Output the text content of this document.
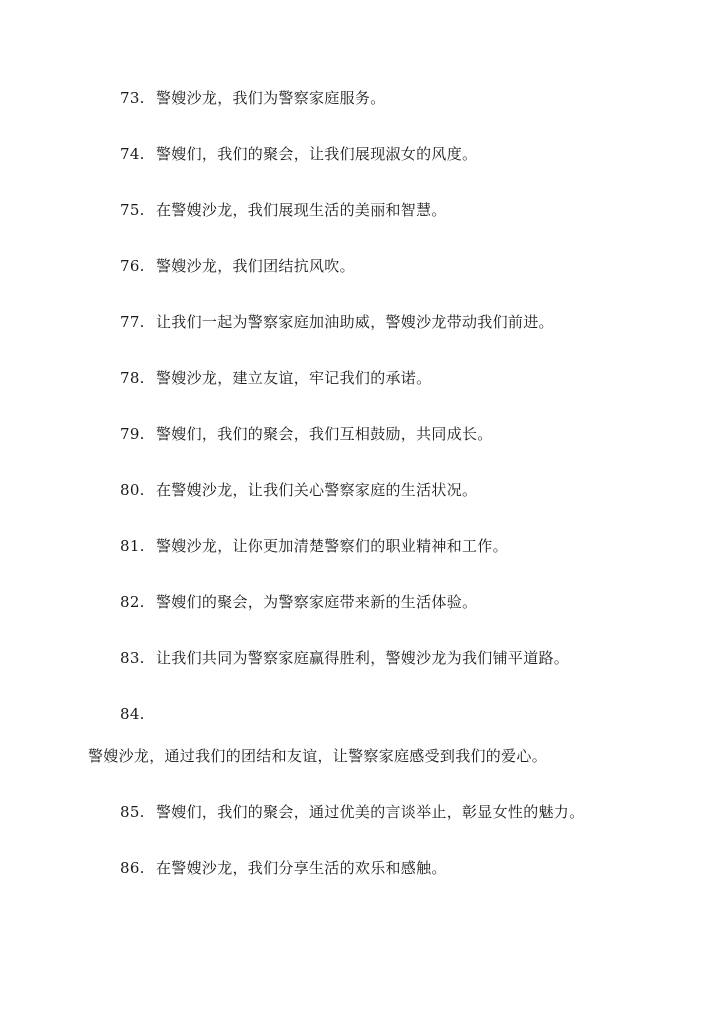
73. 警嫂沙龙，我们为警察家庭服务。
74. 警嫂们，我们的聚会，让我们展现淑女的风度。
75. 在警嫂沙龙，我们展现生活的美丽和智慧。
76. 警嫂沙龙，我们团结抗风吹。
77. 让我们一起为警察家庭加油助威，警嫂沙龙带动我们前进。
78. 警嫂沙龙，建立友谊，牢记我们的承诺。
79. 警嫂们，我们的聚会，我们互相鼓励，共同成长。
80. 在警嫂沙龙，让我们关心警察家庭的生活状况。
81. 警嫂沙龙，让你更加清楚警察们的职业精神和工作。
82. 警嫂们的聚会，为警察家庭带来新的生活体验。
83. 让我们共同为警察家庭赢得胜利，警嫂沙龙为我们铺平道路。
84.
警嫂沙龙，通过我们的团结和友谊，让警察家庭感受到我们的爱心。
85. 警嫂们，我们的聚会，通过优美的言谈举止，彰显女性的魅力。
86. 在警嫂沙龙，我们分享生活的欢乐和感触。
